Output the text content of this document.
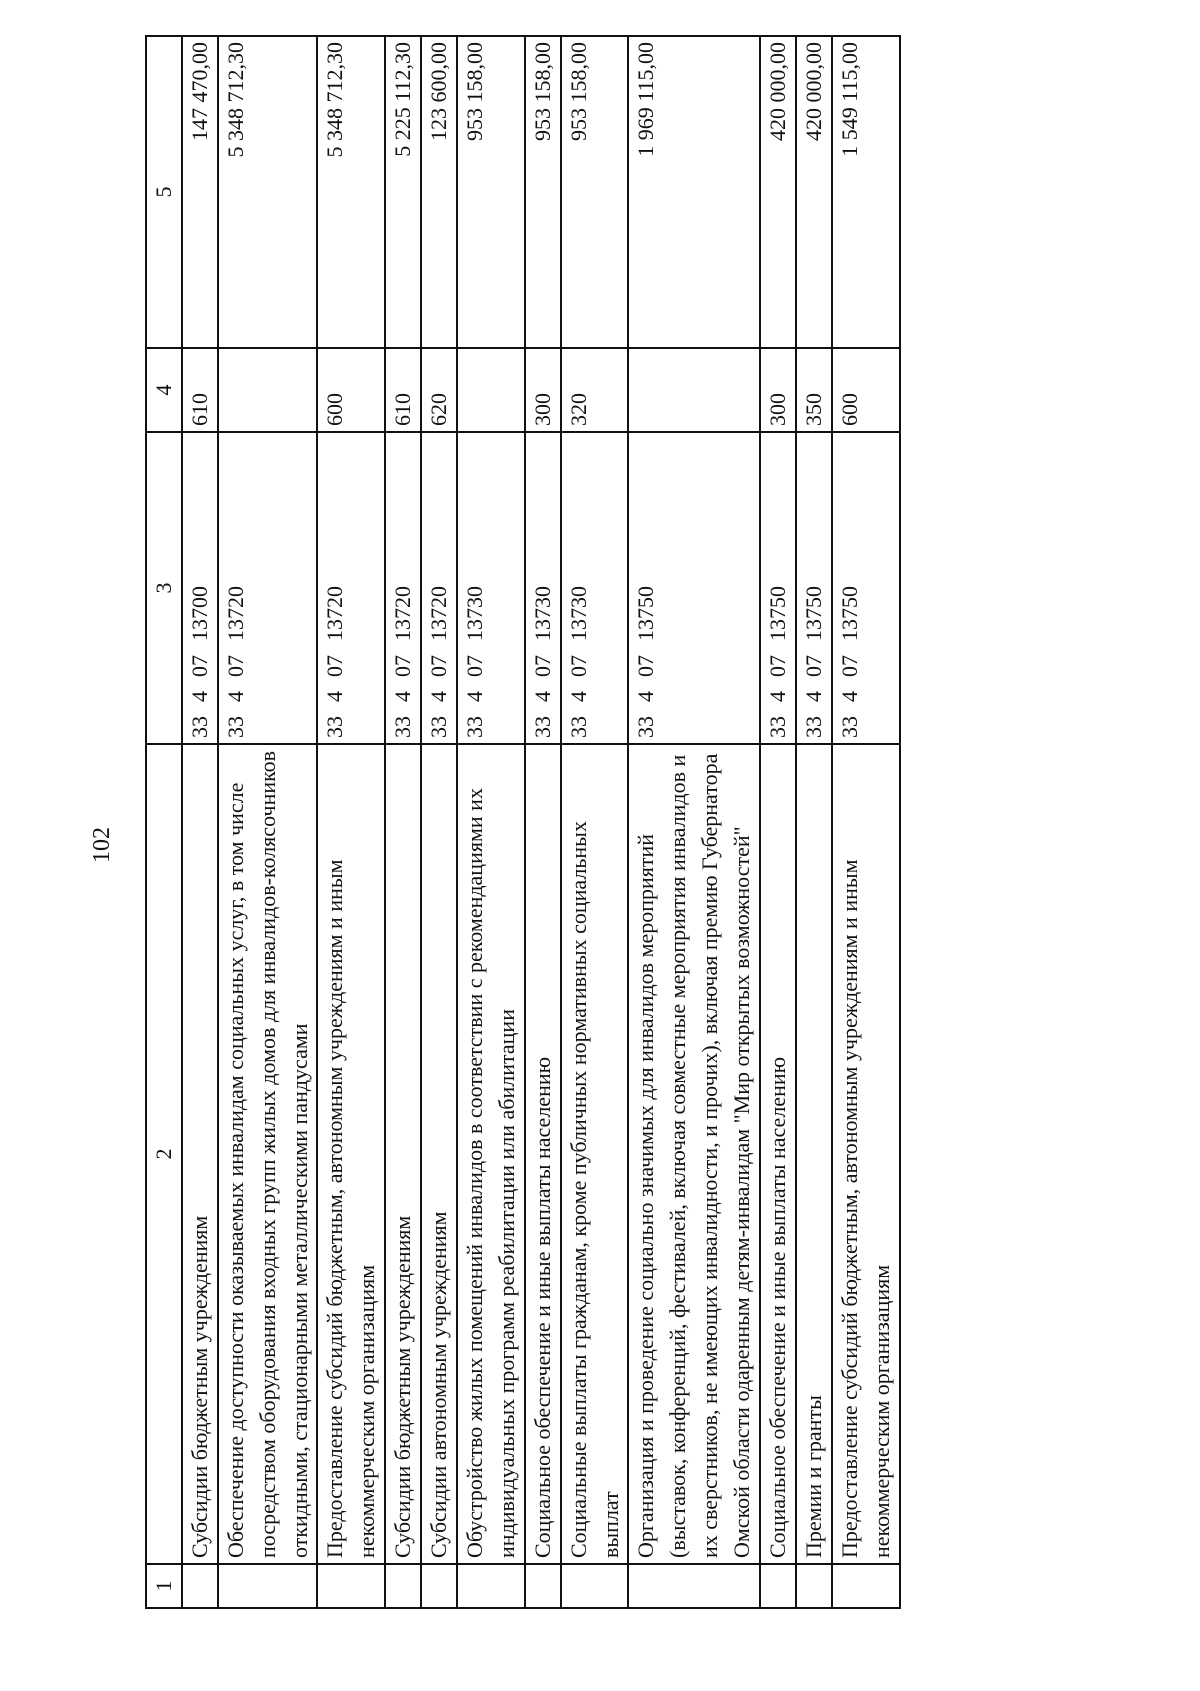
102
1	2	3	4	5
	Субсидии бюджетным учреждениям	3340713700	610	147 470,00
	Обеспечение доступности оказываемых инвалидам социальных услуг, в том числе посредством оборудования входных групп жилых домов для инвалидов-колясочников откидными, стационарными металлическими пандусами	3340713720		5 348 712,30
	Предоставление субсидий бюджетным, автономным учреждениям и иным некоммерческим организациям	3340713720	600	5 348 712,30
	Субсидии бюджетным учреждениям	3340713720	610	5 225 112,30
	Субсидии автономным учреждениям	3340713720	620	123 600,00
	Обустройство жилых помещений инвалидов в соответствии с рекомендациями их индивидуальных программ реабилитации или абилитации	3340713730		953 158,00
	Социальное обеспечение и иные выплаты населению	3340713730	300	953 158,00
	Социальные выплаты гражданам, кроме публичных нормативных социальных выплат	3340713730	320	953 158,00
	Организация и проведение социально значимых для инвалидов мероприятий (выставок, конференций, фестивалей, включая совместные мероприятия инвалидов и их сверстников, не имеющих инвалидности, и прочих), включая премию Губернатора Омской области одаренным детям-инвалидам "Мир открытых возможностей"	3340713750		1 969 115,00
	Социальное обеспечение и иные выплаты населению	3340713750	300	420 000,00
	Премии и гранты	3340713750	350	420 000,00
	Предоставление субсидий бюджетным, автономным учреждениям и иным некоммерческим организациям	3340713750	600	1 549 115,00
